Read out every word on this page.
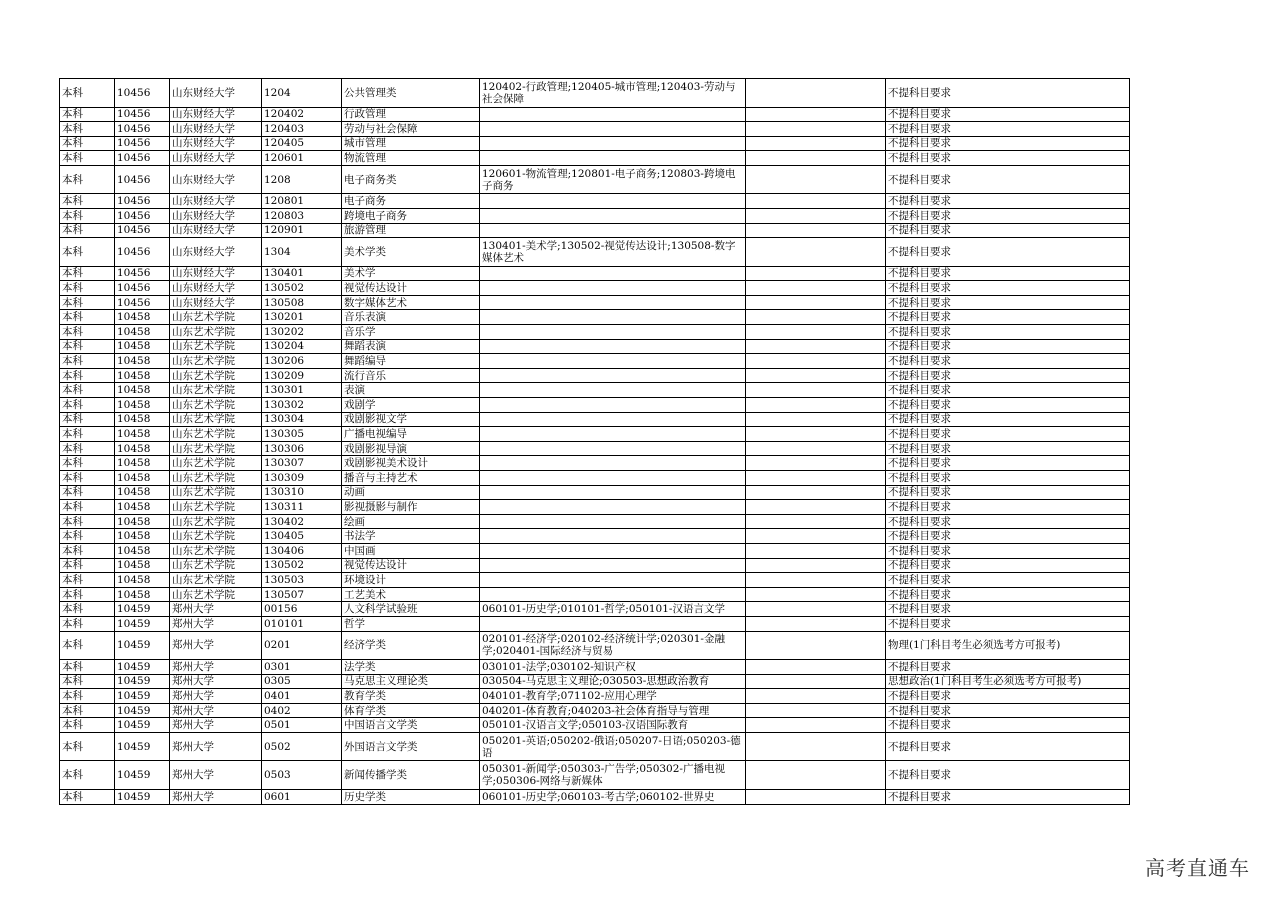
本科	10456	山东财经大学	1204	公共管理类	120402-行政管理;120405-城市管理;120403-劳动与社会保障		不提科目要求
本科	10456	山东财经大学	120402	行政管理			不提科目要求
本科	10456	山东财经大学	120403	劳动与社会保障			不提科目要求
本科	10456	山东财经大学	120405	城市管理			不提科目要求
本科	10456	山东财经大学	120601	物流管理			不提科目要求
本科	10456	山东财经大学	1208	电子商务类	120601-物流管理;120801-电子商务;120803-跨境电子商务		不提科目要求
本科	10456	山东财经大学	120801	电子商务			不提科目要求
本科	10456	山东财经大学	120803	跨境电子商务			不提科目要求
本科	10456	山东财经大学	120901	旅游管理			不提科目要求
本科	10456	山东财经大学	1304	美术学类	130401-美术学;130502-视觉传达设计;130508-数字媒体艺术		不提科目要求
本科	10456	山东财经大学	130401	美术学			不提科目要求
本科	10456	山东财经大学	130502	视觉传达设计			不提科目要求
本科	10456	山东财经大学	130508	数字媒体艺术			不提科目要求
本科	10458	山东艺术学院	130201	音乐表演			不提科目要求
本科	10458	山东艺术学院	130202	音乐学			不提科目要求
本科	10458	山东艺术学院	130204	舞蹈表演			不提科目要求
本科	10458	山东艺术学院	130206	舞蹈编导			不提科目要求
本科	10458	山东艺术学院	130209	流行音乐			不提科目要求
本科	10458	山东艺术学院	130301	表演			不提科目要求
本科	10458	山东艺术学院	130302	戏剧学			不提科目要求
本科	10458	山东艺术学院	130304	戏剧影视文学			不提科目要求
本科	10458	山东艺术学院	130305	广播电视编导			不提科目要求
本科	10458	山东艺术学院	130306	戏剧影视导演			不提科目要求
本科	10458	山东艺术学院	130307	戏剧影视美术设计			不提科目要求
本科	10458	山东艺术学院	130309	播音与主持艺术			不提科目要求
本科	10458	山东艺术学院	130310	动画			不提科目要求
本科	10458	山东艺术学院	130311	影视摄影与制作			不提科目要求
本科	10458	山东艺术学院	130402	绘画			不提科目要求
本科	10458	山东艺术学院	130405	书法学			不提科目要求
本科	10458	山东艺术学院	130406	中国画			不提科目要求
本科	10458	山东艺术学院	130502	视觉传达设计			不提科目要求
本科	10458	山东艺术学院	130503	环境设计			不提科目要求
本科	10458	山东艺术学院	130507	工艺美术			不提科目要求
本科	10459	郑州大学	00156	人文科学试验班	060101-历史学;010101-哲学;050101-汉语言文学		不提科目要求
本科	10459	郑州大学	010101	哲学			不提科目要求
本科	10459	郑州大学	0201	经济学类	020101-经济学;020102-经济统计学;020301-金融学;020401-国际经济与贸易		物理(1门科目考生必须选考方可报考)
本科	10459	郑州大学	0301	法学类	030101-法学;030102-知识产权		不提科目要求
本科	10459	郑州大学	0305	马克思主义理论类	030504-马克思主义理论;030503-思想政治教育		思想政治(1门科目考生必须选考方可报考)
本科	10459	郑州大学	0401	教育学类	040101-教育学;071102-应用心理学		不提科目要求
本科	10459	郑州大学	0402	体育学类	040201-体育教育;040203-社会体育指导与管理		不提科目要求
本科	10459	郑州大学	0501	中国语言文学类	050101-汉语言文学;050103-汉语国际教育		不提科目要求
本科	10459	郑州大学	0502	外国语言文学类	050201-英语;050202-俄语;050207-日语;050203-德语		不提科目要求
本科	10459	郑州大学	0503	新闻传播学类	050301-新闻学;050303-广告学;050302-广播电视学;050306-网络与新媒体		不提科目要求
本科	10459	郑州大学	0601	历史学类	060101-历史学;060103-考古学;060102-世界史		不提科目要求
高考直通车
